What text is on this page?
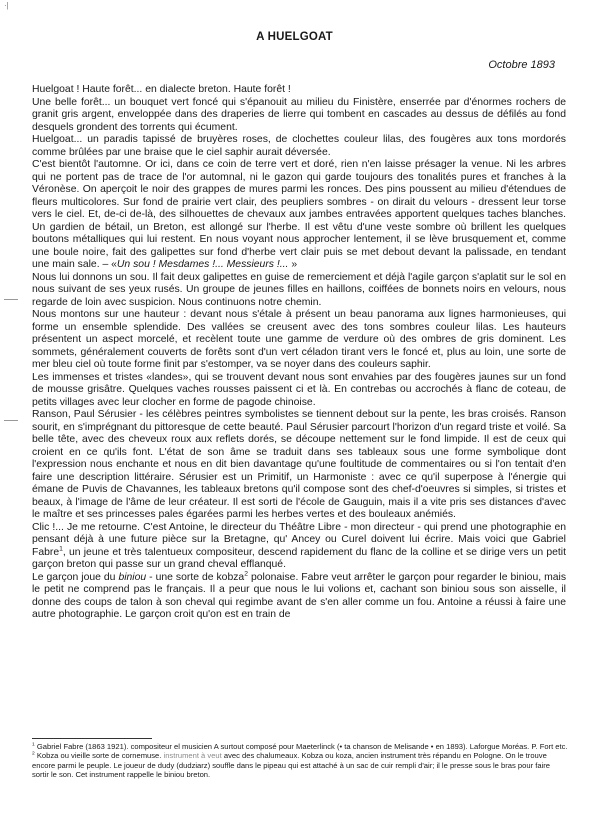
·|
A HUELGOAT
Octobre 1893

Huelgoat ! Haute forêt... en dialecte breton. Haute forêt !

Une belle forêt... un bouquet vert foncé qui s'épanouit au milieu du Finistère, enserrée par d'énormes rochers de granit gris argent, enveloppée dans des draperies de lierre qui tombent en cascades au dessus de défilés au fond desquels grondent des torrents qui écument.

Huelgoat... un paradis tapissé de bruyères roses, de clochettes couleur lilas, des fougères aux tons mordorés comme brûlées par une braise que le ciel saphir aurait déversée.

C'est bientôt l'automne. Or ici, dans ce coin de terre vert et doré, rien n'en laisse présager la venue. Ni les arbres qui ne portent pas de trace de l'or automnal, ni le gazon qui garde toujours des tonalités pures et franches à la Véronèse. On aperçoit le noir des grappes de mures parmi les ronces. Des pins poussent au milieu d'étendues de fleurs multicolores. Sur fond de prairie vert clair, des peupliers sombres - on dirait du velours - dressent leur torse vers le ciel. Et, de-ci de-là, des silhouettes de chevaux aux jambes entravées apportent quelques taches blanches. Un gardien de bétail, un Breton, est allongé sur l'herbe. Il est vêtu d'une veste sombre où brillent les quelques boutons métalliques qui lui restent. En nous voyant nous approcher lentement, il se lève brusquement et, comme une boule noire, fait des galipettes sur fond d'herbe vert clair puis se met debout devant la palissade, en tendant une main sale. – «Un sou ! Mesdames !... Messieurs !... »

Nous lui donnons un sou. Il fait deux galipettes en guise de remerciement et déjà l'agile garçon s'aplatit sur le sol en nous suivant de ses yeux rusés. Un groupe de jeunes filles en haillons, coiffées de bonnets noirs en velours, nous regarde de loin avec suspicion. Nous continuons notre chemin.

Nous montons sur une hauteur : devant nous s'étale à présent un beau panorama aux lignes harmonieuses, qui forme un ensemble splendide. Des vallées se creusent avec des tons sombres couleur lilas. Les hauteurs présentent un aspect morcelé, et recèlent toute une gamme de verdure où des ombres de gris dominent. Les sommets, généralement couverts de forêts sont d'un vert céladon tirant vers le foncé et, plus au loin, une sorte de mer bleu ciel où toute forme finit par s'estomper, va se noyer dans des couleurs saphir.

Les immenses et tristes «landes», qui se trouvent devant nous sont envahies par des fougères jaunes sur un fond de mousse grisâtre. Quelques vaches rousses paissent ci et là. En contrebas ou accrochés à flanc de coteau, de petits villages avec leur clocher en forme de pagode chinoise.

Ranson, Paul Sérusier - les célèbres peintres symbolistes se tiennent debout sur la pente, les bras croisés. Ranson sourit, en s'imprégnant du pittoresque de cette beauté. Paul Sérusier parcourt l'horizon d'un regard triste et voilé. Sa belle tête, avec des cheveux roux aux reflets dorés, se découpe nettement sur le fond limpide. Il est de ceux qui croient en ce qu'ils font. L'état de son âme se traduit dans ses tableaux sous une forme symbolique dont l'expression nous enchante et nous en dit bien davantage qu'une foultitude de commentaires ou si l'on tentait d'en faire une description littéraire. Sérusier est un Primitif, un Harmoniste : avec ce qu'il superpose à l'énergie qui émane de Puvis de Chavannes, les tableaux bretons qu'il compose sont des chef-d'oeuvres si simples, si tristes et beaux, à l'image de l'âme de leur créateur. Il est sorti de l'école de Gauguin, mais il a vite pris ses distances d'avec le maître et ses princesses pales égarées parmi les herbes vertes et des bouleaux anémiés.

Clic !... Je me retourne. C'est Antoine, le directeur du Théâtre Libre - mon directeur - qui prend une photographie en pensant déjà à une future pièce sur la Bretagne, qu' Ancey ou Curel doivent lui écrire. Mais voici que Gabriel Fabre$^1$, un jeune et très talentueux compositeur, descend rapidement du flanc de la colline et se dirige vers un petit garçon breton qui passe sur un grand cheval efflanqué.

Le garçon joue du biniou - une sorte de kobza$^2$ polonaise. Fabre veut arrêter le garçon pour regarder le biniou, mais le petit ne comprend pas le français. Il a peur que nous le lui volions et, cachant son biniou sous son aisselle, il donne des coups de talon à son cheval qui regimbe avant de s'en aller comme un fou. Antoine a réussi à faire une autre photographie. Le garçon croit qu'on est en train de

$^1$ Gabriel Fabre (1863 1921). compositeur el musicien A surtout composé pour Maeterlinck (• ta chanson de Melisande • en 1893). Laforgue Moréas. P. Fort etc.

$^2$ Kobza ou vieille sorte de cornemuse. instrument à veut avec des chalumeaux. Kobza ou koza, ancien instrument très répandu en Pologne. On le trouve encore parmi le peuple. Le joueur de dudy (dudziarz) souffle dans le pipeau qui est attaché à un sac de cuir rempli d'air; il le presse sous le bras pour faire sortir le son. Cet instrument rappelle le biniou breton.
